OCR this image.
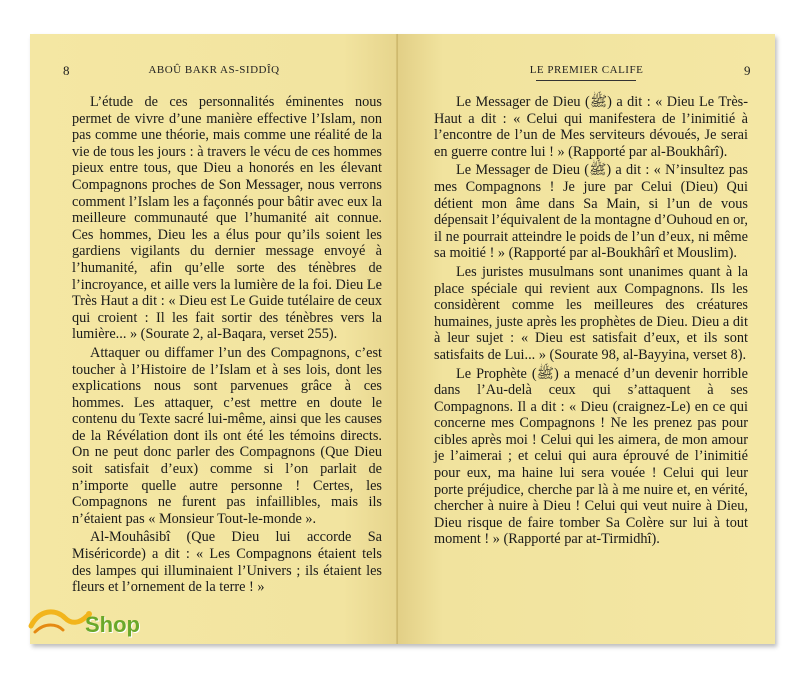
8	ABOÛ BAKR AS-SIDDÎQ

L’étude de ces personnalités éminentes nous permet de vivre d’une manière effective l’Islam, non pas comme une théorie, mais comme une réalité de la vie de tous les jours : à travers le vécu de ces hommes pieux entre tous, que Dieu a honorés en les élevant Compagnons proches de Son Messager, nous verrons comment l’Islam les a façonnés pour bâtir avec eux la meilleure communauté que l’humanité ait connue. Ces hommes, Dieu les a élus pour qu’ils soient les gardiens vigilants du dernier message envoyé à l’humanité, afin qu’elle sorte des ténèbres de l’incroyance, et aille vers la lumière de la foi. Dieu Le Très Haut a dit : « Dieu est Le Guide tutélaire de ceux qui croient : Il les fait sortir des ténèbres vers la lumière... » (Sourate 2, al-Baqara, verset 255).

Attaquer ou diffamer l’un des Compagnons, c’est toucher à l’Histoire de l’Islam et à ses lois, dont les explications nous sont parvenues grâce à ces hommes. Les attaquer, c’est mettre en doute le contenu du Texte sacré lui-même, ainsi que les causes de la Révélation dont ils ont été les témoins directs. On ne peut donc parler des Compagnons (Que Dieu soit satisfait d’eux) comme si l’on parlait de n’importe quelle autre personne ! Certes, les Compagnons ne furent pas infaillibles, mais ils n’étaient pas « Monsieur Tout-le-monde ».

Al-Mouhâsibî (Que Dieu lui accorde Sa Miséricorde) a dit : « Les Compagnons étaient tels des lampes qui illuminaient l’Univers ; ils étaient les fleurs et l’ornement de la terre ! »

LE PREMIER CALIFE	9

Le Messager de Dieu (ﷺ) a dit : « Dieu Le Très-Haut a dit : « Celui qui manifestera de l’inimitié à l’encontre de l’un de Mes serviteurs dévoués, Je serai en guerre contre lui ! » (Rapporté par al-Boukhârî).

Le Messager de Dieu (ﷺ) a dit : « N’insultez pas mes Compagnons ! Je jure par Celui (Dieu) Qui détient mon âme dans Sa Main, si l’un de vous dépensait l’équivalent de la montagne d’Ouhoud en or, il ne pourrait atteindre le poids de l’un d’eux, ni même sa moitié ! » (Rapporté par al-Boukhârî et Mouslim).

Les juristes musulmans sont unanimes quant à la place spéciale qui revient aux Compagnons. Ils les considèrent comme les meilleures des créatures humaines, juste après les prophètes de Dieu. Dieu a dit à leur sujet : « Dieu est satisfait d’eux, et ils sont satisfaits de Lui... » (Sourate 98, al-Bayyina, verset 8).

Le Prophète (ﷺ) a menacé d’un devenir horrible dans l’Au-delà ceux qui s’attaquent à ses Compagnons. Il a dit : « Dieu (craignez-Le) en ce qui concerne mes Compagnons ! Ne les prenez pas pour cibles après moi ! Celui qui les aimera, de mon amour je l’aimerai ; et celui qui aura éprouvé de l’inimitié pour eux, ma haine lui sera vouée ! Celui qui leur porte préjudice, cherche par là à me nuire et, en vérité, chercher à nuire à Dieu ! Celui qui veut nuire à Dieu, Dieu risque de faire tomber Sa Colère sur lui à tout moment ! » (Rapporté par at-Tirmidhî).

Shop
